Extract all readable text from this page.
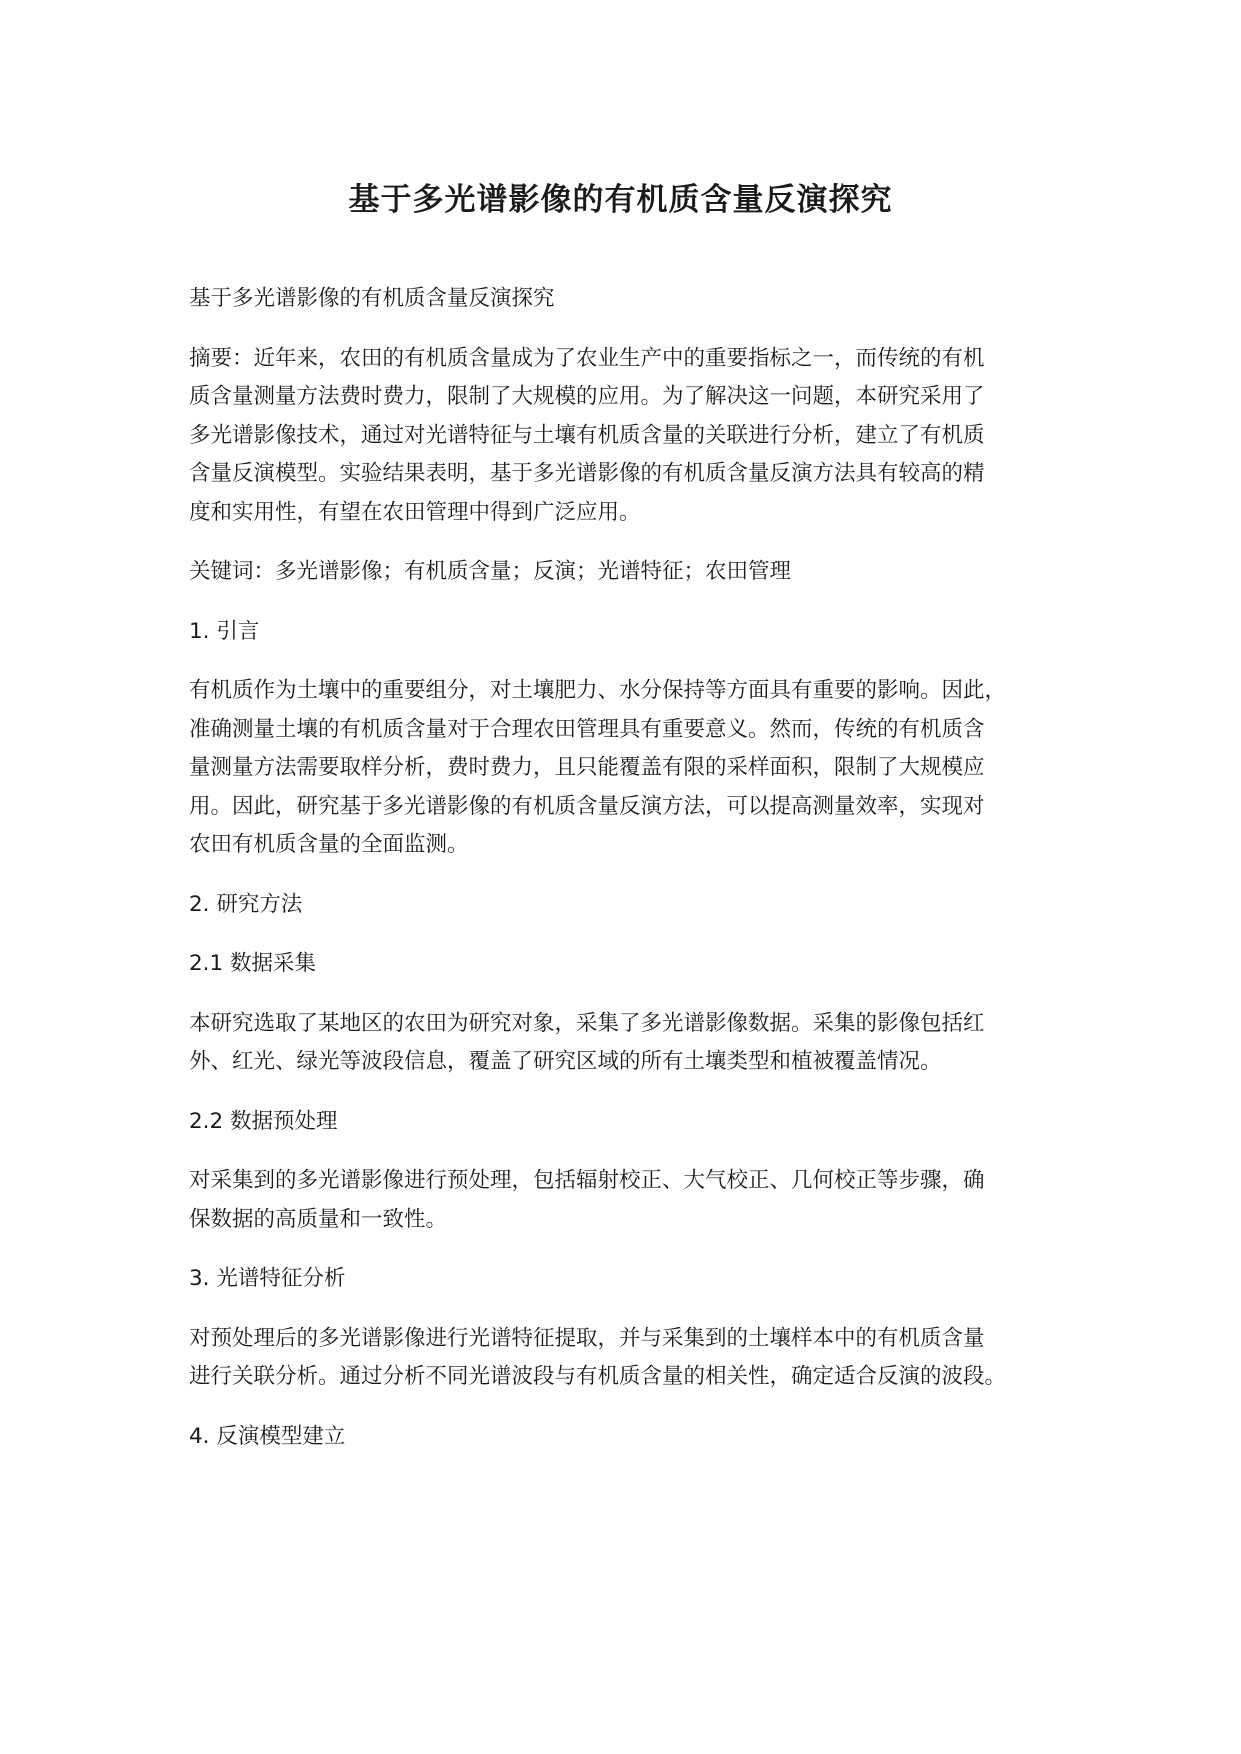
基于多光谱影像的有机质含量反演探究

基于多光谱影像的有机质含量反演探究

摘要：近年来，农田的有机质含量成为了农业生产中的重要指标之一，而传统的有机
质含量测量方法费时费力，限制了大规模的应用。为了解决这一问题，本研究采用了
多光谱影像技术，通过对光谱特征与土壤有机质含量的关联进行分析，建立了有机质
含量反演模型。实验结果表明，基于多光谱影像的有机质含量反演方法具有较高的精
度和实用性，有望在农田管理中得到广泛应用。

关键词：多光谱影像；有机质含量；反演；光谱特征；农田管理

1. 引言

有机质作为土壤中的重要组分，对土壤肥力、水分保持等方面具有重要的影响。因此，
准确测量土壤的有机质含量对于合理农田管理具有重要意义。然而，传统的有机质含
量测量方法需要取样分析，费时费力，且只能覆盖有限的采样面积，限制了大规模应
用。因此，研究基于多光谱影像的有机质含量反演方法，可以提高测量效率，实现对
农田有机质含量的全面监测。

2. 研究方法

2.1 数据采集

本研究选取了某地区的农田为研究对象，采集了多光谱影像数据。采集的影像包括红
外、红光、绿光等波段信息，覆盖了研究区域的所有土壤类型和植被覆盖情况。

2.2 数据预处理

对采集到的多光谱影像进行预处理，包括辐射校正、大气校正、几何校正等步骤，确
保数据的高质量和一致性。

3. 光谱特征分析

对预处理后的多光谱影像进行光谱特征提取，并与采集到的土壤样本中的有机质含量
进行关联分析。通过分析不同光谱波段与有机质含量的相关性，确定适合反演的波段。

4. 反演模型建立
